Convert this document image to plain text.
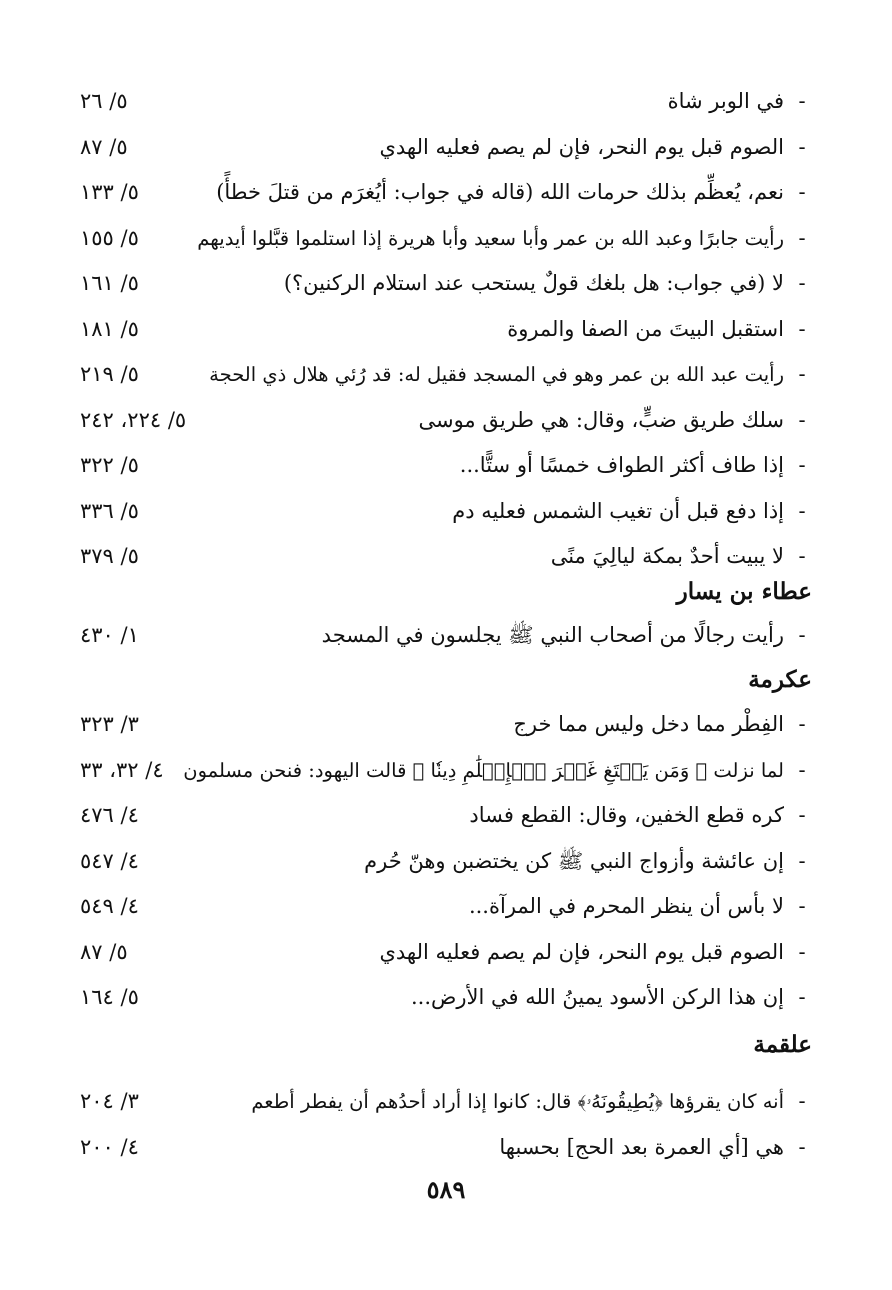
-
في الوبر شاة
٥/ ٢٦
-
الصوم قبل يوم النحر، فإن لم يصم فعليه الهدي
٥/ ٨٧
-
نعم، يُعظِّم بذلك حرمات الله (قاله في جواب: أيُغرَم من قتلَ خطأً)
٥/ ١٣٣
-
رأيت جابرًا وعبد الله بن عمر وأبا سعيد وأبا هريرة إذا استلموا قبَّلوا أيديهم
٥/ ١٥٥
-
لا (في جواب: هل بلغك قولٌ يستحب عند استلام الركنين؟)
٥/ ١٦١
-
استقبل البيتَ من الصفا والمروة
٥/ ١٨١
-
رأيت عبد الله بن عمر وهو في المسجد فقيل له: قد رُئي هلال ذي الحجة
٥/ ٢١٩
-
سلك طريق ضبٍّ، وقال: هي طريق موسى
٥/ ٢٢٤، ٢٤٢
-
إذا طاف أكثر الطواف خمسًا أو ستًّا...
٥/ ٣٢٢
-
إذا دفع قبل أن تغيب الشمس فعليه دم
٥/ ٣٣٦
-
لا يبيت أحدٌ بمكة ليالِيَ منًى
٥/ ٣٧٩
عطاء بن يسار
-
رأيت رجالًا من أصحاب النبي ﷺ يجلسون في المسجد
١/ ٤٣٠
عكرمة
-
الفِطْر مما دخل وليس مما خرج
٣/ ٣٢٣
-
لما نزلت ﴿ وَمَن يَبۡتَغِ غَيۡرَ ٱلۡإِسۡلَٰمِ دِينٗا ﴾ قالت اليهود: فنحن مسلمون
٤/ ٣٢، ٣٣
-
كره قطع الخفين، وقال: القطع فساد
٤/ ٤٧٦
-
إن عائشة وأزواج النبي ﷺ كن يختضبن وهنّ حُرم
٤/ ٥٤٧
-
لا بأس أن ينظر المحرم في المرآة...
٤/ ٥٤٩
-
الصوم قبل يوم النحر، فإن لم يصم فعليه الهدي
٥/ ٨٧
-
إن هذا الركن الأسود يمينُ الله في الأرض...
٥/ ١٦٤
علقمة
-
أنه كان يقرؤها ﴿يُطِيقُونَهُۥ﴾ قال: كانوا إذا أراد أحدُهم أن يفطر أطعم
٣/ ٢٠٤
-
هي [أي العمرة بعد الحج] بحسبها
٤/ ٢٠٠
٥٨٩
